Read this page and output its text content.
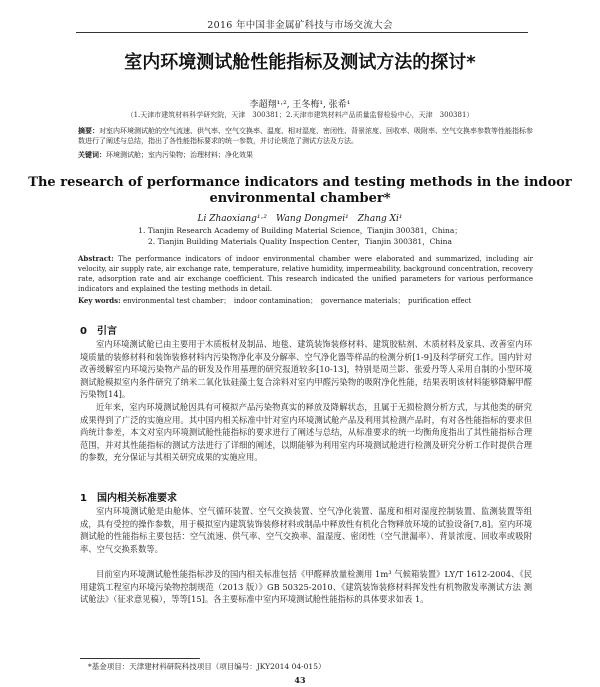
2016 年中国非金属矿科技与市场交流大会
室内环境测试舱性能指标及测试方法的探讨*
李超翔¹·², 王冬梅¹, 张希¹
（1.天津市建筑材料科学研究院，天津　300381；2.天津市建筑材料产品质量监督检验中心，天津　300381）
摘要：对室内环境测试舱的空气流速、供气率、空气交换率、温度、相对湿度、密闭性、背景浓度、回收率、吸附率、空气交换率参数等性能指标参数进行了阐述与总结，指出了各性能指标要求的统一参数，并讨论规范了测试方法及方法。
关键词：环境测试舱；室内污染物；治理材料；净化效果
The research of performance indicators and testing methods in the indoor
environmental chamber*
Li Zhaoxiang¹·²　Wang Dongmei¹　Zhang Xi¹
1. Tianjin Research Academy of Building Material Science，Tianjin 300381，China；
2. Tianjin Building Materials Quality Inspection Center，Tianjin 300381，China
Abstract: The performance indicators of indoor environmental chamber were elaborated and summarized, including air velocity, air supply rate, air exchange rate, temperature, relative humidity, impermeability, background concentration, recovery rate, adsorption rate and air exchange coefficient. This research indicated the unified parameters for various performance indicators and explained the testing methods in detail.
Key words: environmental test chamber；　indoor contamination；　governance materials；　purification effect
0　引言

室内环境测试舱已由主要用于木质板材及制品、地毯、建筑装饰装修材料、建筑胶粘剂、木质材料及家具、改善室内环境质量的装修材料和装饰装修材料内污染物净化率及分解率、空气净化器等样品的检测分析[1-9]及科学研究工作。国内针对改善缓解室内环境污染物产品的研发及作用基理的研究报道较多[10-13]，特别是周兰影、张爱丹等人采用自制的小型环境测试舱模拟室内条件研究了纳米二氧化钛硅藻土复合涂料对室内甲醛污染物的吸附净化性能，结果表明该材料能够降解甲醛污染物[14]。

近年来，室内环境测试舱因具有可模拟产品污染物真实的释放及降解状态，且属于无损检测分析方式，与其他类的研究成果得到了广泛的实施应用。其中国内相关标准中针对室内环境测试舱产品及利用其检测产品时，有对各性能指标的要求但尚统计参差，本文对室内环境测试舱性能指标的要求进行了阐述与总结，从标准要求的统一均衡角度指出了其性能指标合理范围，并对其性能指标的测试方法进行了详细的阐述，以期能够为利用室内环境测试舱进行检测及研究分析工作时提供合理的参数，充分保证与其相关研究成果的实施应用。

1　国内相关标准要求

室内环境测试舱是由舱体、空气循环装置、空气交换装置、空气净化装置、温度和相对湿度控制装置、监测装置等组成，具有受控的操作参数，用于模拟室内建筑装饰装修材料或制品中释放性有机化合物释放环境的试验设备[7,8]。室内环境测试舱的性能指标主要包括：空气流速、供气率、空气交换率、温湿度、密闭性（空气泄漏率）、背景浓度、回收率或吸附率、空气交换系数等。

目前室内环境测试舱性能指标涉及的国内相关标准包括《甲醛释放量检测用 1m³ 气候箱装置》LY/T 1612-2004、《民用建筑工程室内环境污染物控制规范（2013 版）》GB 50325-2010、《建筑装饰装修材料挥发性有机物散发率测试方法 测试舱法》（征求意见稿），等等[15]。各主要标准中室内环境测试舱性能指标的具体要求如表 1。

*基金项目：天津建材科研院科技项目（项目编号：JKY2014 04-015）
43
